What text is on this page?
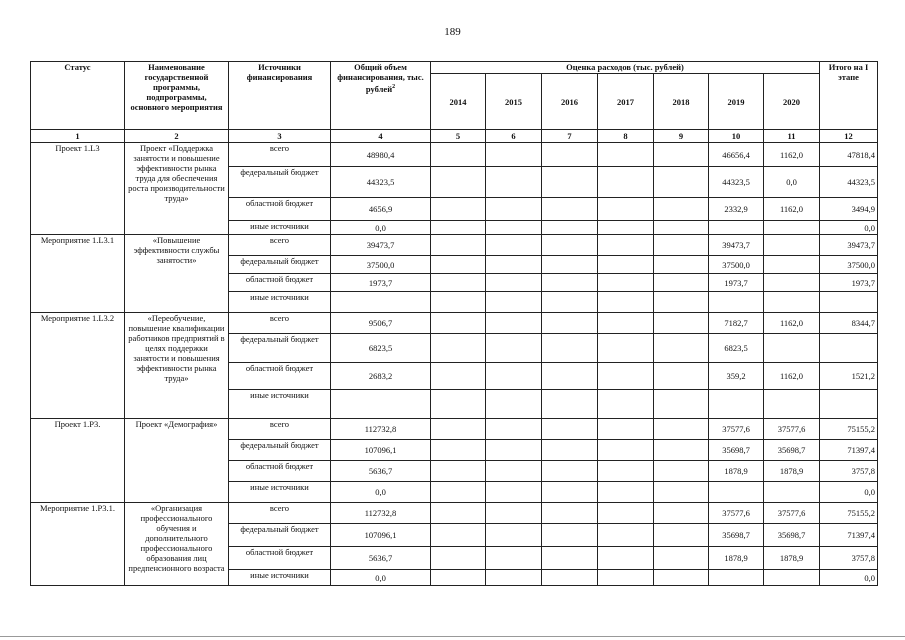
189
Статус	Наименование государственной программы, подпрограммы, основного мероприятия	Источники финансирования	Общий объем финансирования, тыс. рублей$^2$	Оценка расходов (тыс. рублей)							Итого на I этапе
				2014	2015	2016	2017	2018	2019	2020	
1	2	3	4	5	6	7	8	9	10	11	12
Проект 1.L3	Проект «Поддержка занятости и повышение эффективности рынка труда для обеспечения роста производительности труда»	всего	48980,4						46656,4	1162,0	47818,4
		федеральный бюджет	44323,5						44323,5	0,0	44323,5
		областной бюджет	4656,9						2332,9	1162,0	3494,9
		иные источники	0,0								0,0
Мероприятие 1.L3.1	«Повышение эффективности службы занятости»	всего	39473,7						39473,7		39473,7
		федеральный бюджет	37500,0						37500,0		37500,0
		областной бюджет	1973,7						1973,7		1973,7
		иные источники									
Мероприятие 1.L3.2	«Переобучение, повышение квалификации работников предприятий в целях поддержки занятости и повышения эффективности рынка труда»	всего	9506,7						7182,7	1162,0	8344,7
		федеральный бюджет	6823,5						6823,5		
		областной бюджет	2683,2						359,2	1162,0	1521,2
		иные источники									
Проект 1.Р3.	Проект «Демография»	всего	112732,8						37577,6	37577,6	75155,2
		федеральный бюджет	107096,1						35698,7	35698,7	71397,4
		областной бюджет	5636,7						1878,9	1878,9	3757,8
		иные источники	0,0								0,0
Мероприятие 1.Р3.1.	«Организация профессионального обучения и дополнительного профессионального образования лиц предпенсионного возраста	всего	112732,8						37577,6	37577,6	75155,2
		федеральный бюджет	107096,1						35698,7	35698,7	71397,4
		областной бюджет	5636,7						1878,9	1878,9	3757,8
		иные источники	0,0								0,0
